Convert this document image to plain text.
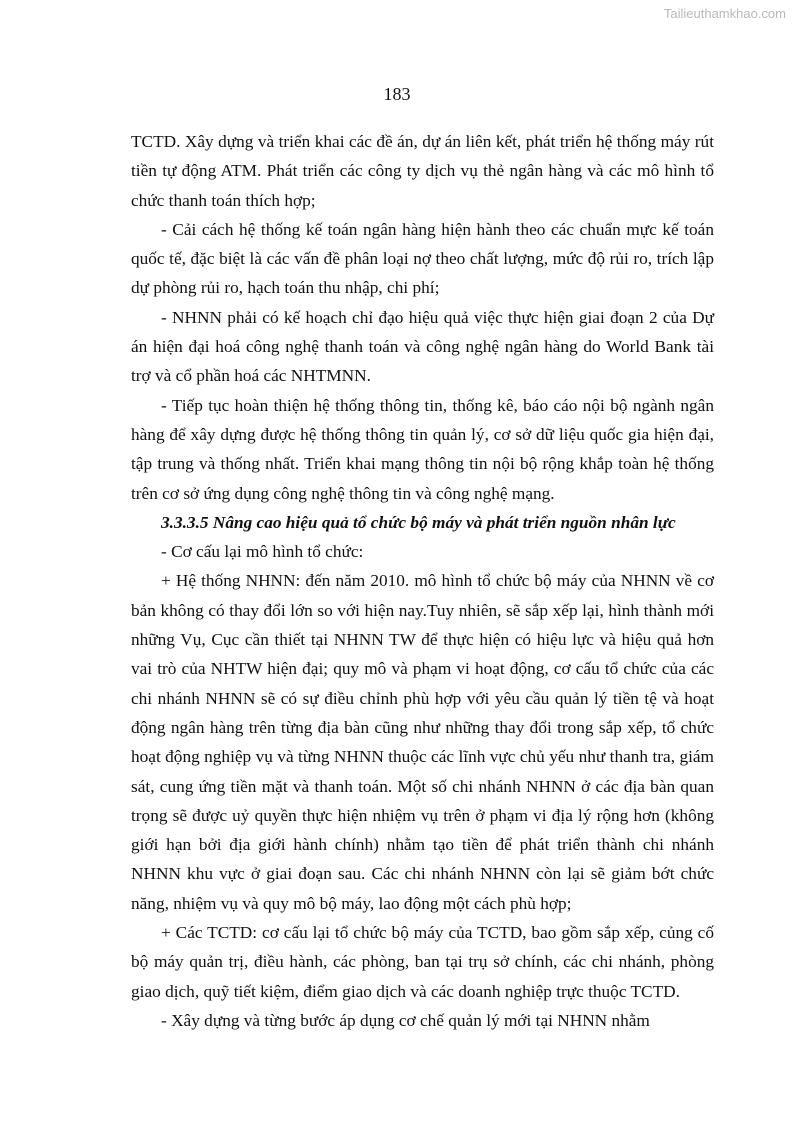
Tailieuthamkhao.com
183

TCTD. Xây dựng và triển khai các đề án, dự án liên kết, phát triển hệ thống máy rút tiền tự động ATM. Phát triển các công ty dịch vụ thẻ ngân hàng và các mô hình tổ chức thanh toán thích hợp;

- Cải cách hệ thống kế toán ngân hàng hiện hành theo các chuẩn mực kế toán quốc tế, đặc biệt là các vấn đề phân loại nợ theo chất lượng, mức độ rủi ro, trích lập dự phòng rủi ro, hạch toán thu nhập, chi phí;

- NHNN phải có kế hoạch chỉ đạo hiệu quả việc thực hiện giai đoạn 2 của Dự án hiện đại hoá công nghệ thanh toán và công nghệ ngân hàng do World Bank tài trợ và cổ phần hoá các NHTMNN.

- Tiếp tục hoàn thiện hệ thống thông tin, thống kê, báo cáo nội bộ ngành ngân hàng để xây dựng được hệ thống thông tin quản lý, cơ sở dữ liệu quốc gia hiện đại, tập trung và thống nhất. Triển khai mạng thông tin nội bộ rộng khắp toàn hệ thống trên cơ sở ứng dụng công nghệ thông tin và công nghệ mạng.

3.3.3.5 Nâng cao hiệu quả tổ chức bộ máy và phát triển nguồn nhân lực

- Cơ cấu lại mô hình tổ chức:

+ Hệ thống NHNN: đến năm 2010. mô hình tổ chức bộ máy của NHNN về cơ bản không có thay đổi lớn so với hiện nay.Tuy nhiên, sẽ sắp xếp lại, hình thành mới những Vụ, Cục cần thiết tại NHNN TW để thực hiện có hiệu lực và hiệu quả hơn vai trò của NHTW hiện đại; quy mô và phạm vi hoạt động, cơ cấu tổ chức của các chi nhánh NHNN sẽ có sự điều chỉnh phù hợp với yêu cầu quản lý tiền tệ và hoạt động ngân hàng trên từng địa bàn cũng như những thay đổi trong sắp xếp, tổ chức hoạt động nghiệp vụ và từng NHNN thuộc các lĩnh vực chủ yếu như thanh tra, giám sát, cung ứng tiền mặt và thanh toán. Một số chi nhánh NHNN ở các địa bàn quan trọng sẽ được uỷ quyền thực hiện nhiệm vụ trên ở phạm vi địa lý rộng hơn (không giới hạn bởi địa giới hành chính) nhằm tạo tiền để phát triển thành chi nhánh NHNN khu vực ở giai đoạn sau. Các chi nhánh NHNN còn lại sẽ giảm bớt chức năng, nhiệm vụ và quy mô bộ máy, lao động một cách phù hợp;

+ Các TCTD: cơ cấu lại tổ chức bộ máy của TCTD, bao gồm sắp xếp, củng cố bộ máy quản trị, điều hành, các phòng, ban tại trụ sở chính, các chi nhánh, phòng giao dịch, quỹ tiết kiệm, điểm giao dịch và các doanh nghiệp trực thuộc TCTD.

- Xây dựng và từng bước áp dụng cơ chế quản lý mới tại NHNN nhằm
